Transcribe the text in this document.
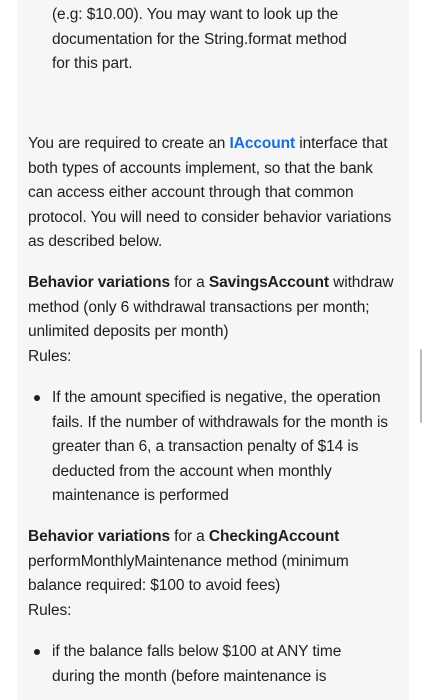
(e.g: $10.00). You may want to look up the
documentation for the String.format method
for this part.
You are required to create an IAccount interface that both types of accounts implement, so that the bank can access either account through that common protocol. You will need to consider behavior variations as described below.
Behavior variations for a SavingsAccount withdraw method (only 6 withdrawal transactions per month; unlimited deposits per month)
Rules:
If the amount specified is negative, the operation fails. If the number of withdrawals for the month is greater than 6, a transaction penalty of $14 is deducted from the account when monthly maintenance is performed
Behavior variations for a CheckingAccount performMonthlyMaintenance method (minimum balance required: $100 to avoid fees)
Rules:
if the balance falls below $100 at ANY time
during the month (before maintenance is
